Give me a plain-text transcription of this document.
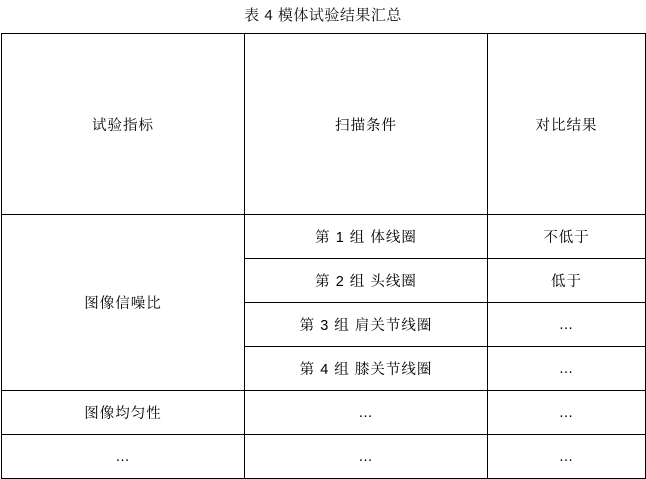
表 4 模体试验结果汇总
试验指标	扫描条件	对比结果
图像信噪比	第 1 组 体线圈	不低于
	第 2 组 头线圈	低于
	第 3 组 肩关节线圈	…
	第 4 组 膝关节线圈	…
图像均匀性	…	…
…	…	…
